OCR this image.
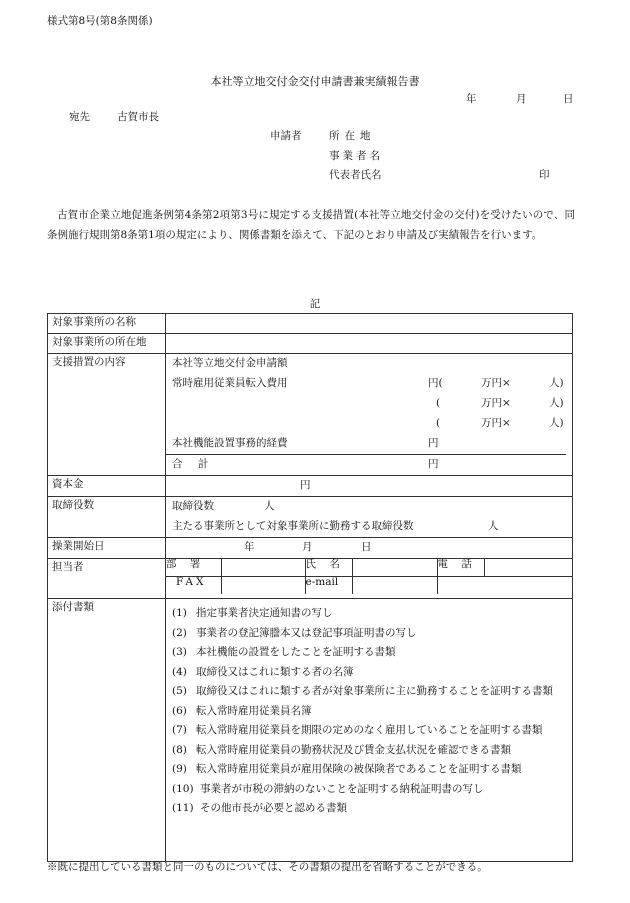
様式第8号(第8条関係)
本社等立地交付金交付申請書兼実績報告書
年	月	日
宛先	古賀市長
申請者	所在地
事業者名
代表者氏名	印
古賀市企業立地促進条例第4条第2項第3号に規定する支援措置(本社等立地交付金の交付)を受けたいので、同条例施行規則第8条第1項の規定により、関係書類を添えて、下記のとおり申請及び実績報告を行います。
記
対象事業所の名称	
対象事業所の所在地	
支援措置の内容	本社等立地交付金申請額
常時雇用従業員転入費用	円(	万円×	人)
(	万円×	人)
(	万円×	人)
本社機能設置事務的経費	円
合 計	円

資本金	円

取締役数	取締役数	人
主たる事業所として対象事業所に勤務する取締役数	人

操業開始日	年	月	日

担当者		部 署		氏 名		電 話	
FAX		e-mail		

添付書類	(1) 指定事業者決定通知書の写し
(2) 事業者の登記簿謄本又は登記事項証明書の写し
(3) 本社機能の設置をしたことを証明する書類
(4) 取締役又はこれに類する者の名簿
(5) 取締役又はこれに類する者が対象事業所に主に勤務することを証明する書類
(6) 転入常時雇用従業員名簿
(7) 転入常時雇用従業員を期限の定めのなく雇用していることを証明する書類
(8) 転入常時雇用従業員の勤務状況及び賃金支払状況を確認できる書類
(9) 転入常時雇用従業員が雇用保険の被保険者であることを証明する書類
(10) 事業者が市税の滞納のないことを証明する納税証明書の写し
(11) その他市長が必要と認める書類
※既に提出している書類と同一のものについては、その書類の提出を省略することができる。
